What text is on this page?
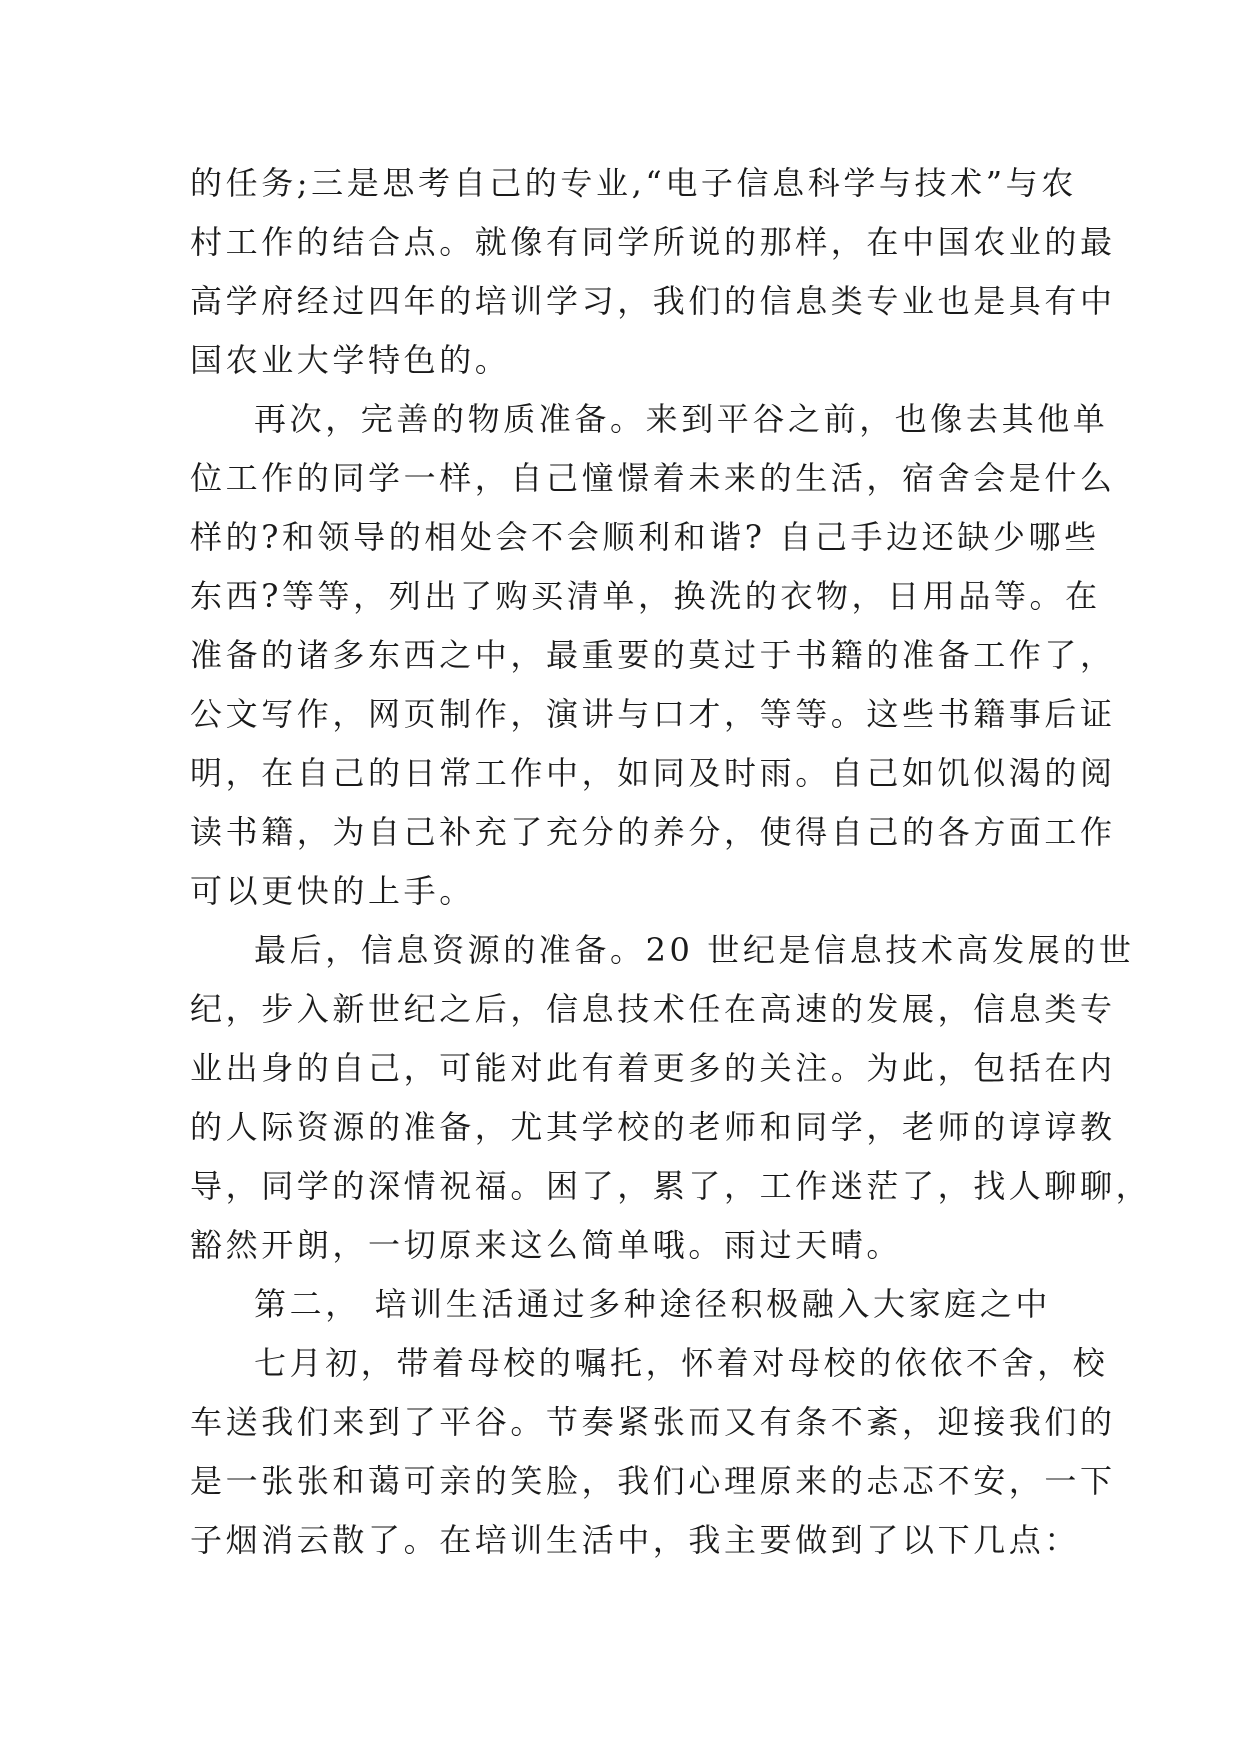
的任务;三是思考自己的专业,“电子信息科学与技术”与农
村工作的结合点。就像有同学所说的那样，在中国农业的最
高学府经过四年的培训学习，我们的信息类专业也是具有中
国农业大学特色的。
再次，完善的物质准备。来到平谷之前，也像去其他单
位工作的同学一样，自己憧憬着未来的生活，宿舍会是什么
样的?和领导的相处会不会顺利和谐? 自己手边还缺少哪些
东西?等等，列出了购买清单，换洗的衣物，日用品等。在
准备的诸多东西之中，最重要的莫过于书籍的准备工作了，
公文写作，网页制作，演讲与口才，等等。这些书籍事后证
明，在自己的日常工作中，如同及时雨。自己如饥似渴的阅
读书籍，为自己补充了充分的养分，使得自己的各方面工作
可以更快的上手。
最后，信息资源的准备。20 世纪是信息技术高发展的世
纪，步入新世纪之后，信息技术任在高速的发展，信息类专
业出身的自己，可能对此有着更多的关注。为此，包括在内
的人际资源的准备，尤其学校的老师和同学，老师的谆谆教
导，同学的深情祝福。困了，累了，工作迷茫了，找人聊聊，
豁然开朗，一切原来这么简单哦。雨过天晴。
第二， 培训生活通过多种途径积极融入大家庭之中
七月初，带着母校的嘱托，怀着对母校的依依不舍，校
车送我们来到了平谷。节奏紧张而又有条不紊，迎接我们的
是一张张和蔼可亲的笑脸，我们心理原来的忐忑不安，一下
子烟消云散了。在培训生活中，我主要做到了以下几点：
